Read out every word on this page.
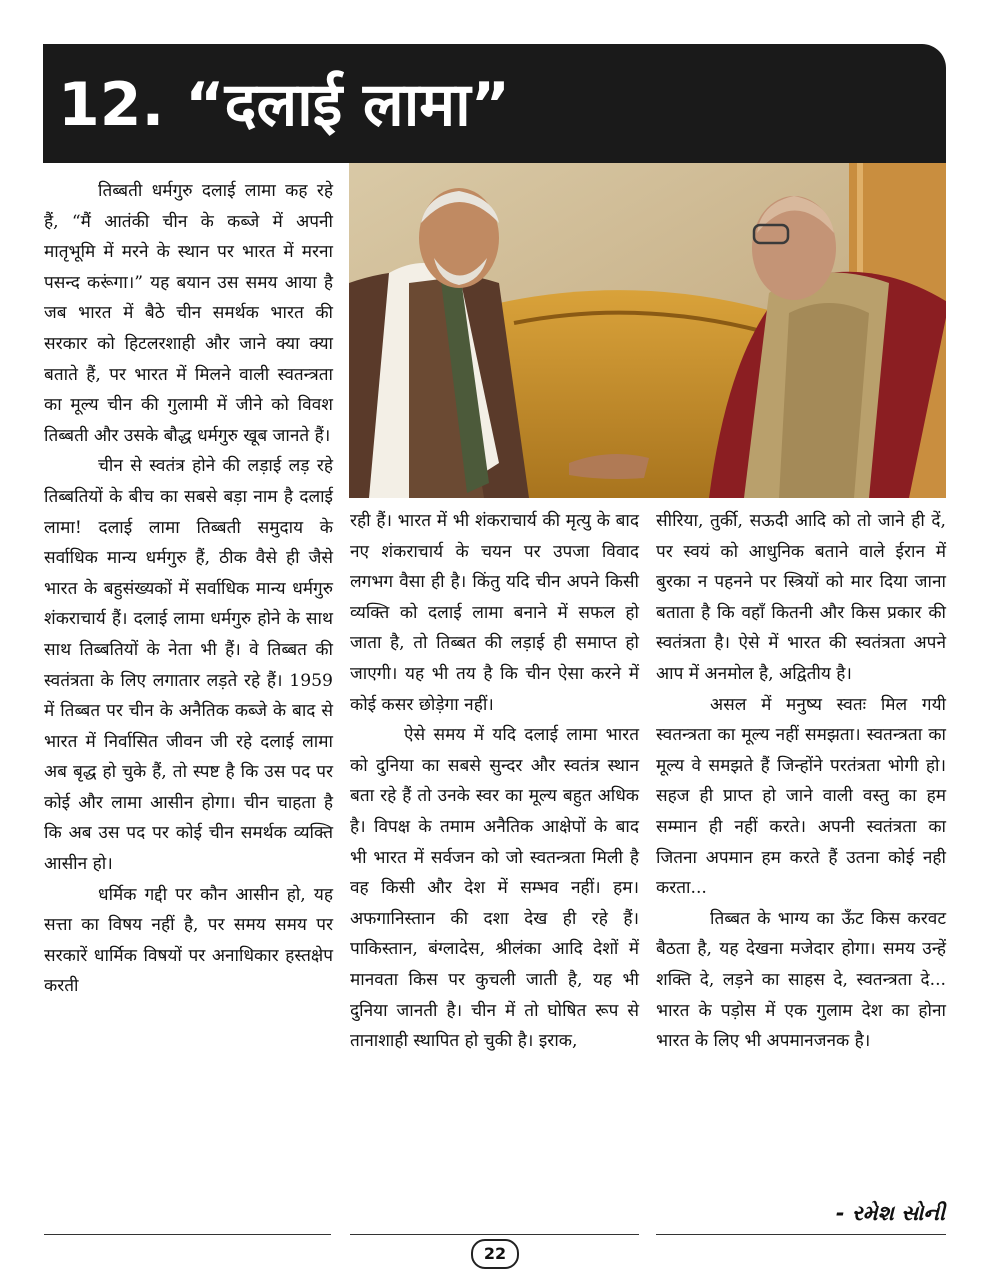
12. “दलाई लामा”

तिब्बती धर्मगुरु दलाई लामा कह रहे हैं, “मैं आतंकी चीन के कब्जे में अपनी मातृभूमि में मरने के स्थान पर भारत में मरना पसन्द करूंगा।” यह बयान उस समय आया है जब भारत में बैठे चीन समर्थक भारत की सरकार को हिटलरशाही और जाने क्या क्या बताते हैं, पर भारत में मिलने वाली स्वतन्त्रता का मूल्य चीन की गुलामी में जीने को विवश तिब्बती और उसके बौद्ध धर्मगुरु खूब जानते हैं।

चीन से स्वतंत्र होने की लड़ाई लड़ रहे तिब्बतियों के बीच का सबसे बड़ा नाम है दलाई लामा! दलाई लामा तिब्बती समुदाय के सर्वाधिक मान्य धर्मगुरु हैं, ठीक वैसे ही जैसे भारत के बहुसंख्यकों में सर्वाधिक मान्य धर्मगुरु शंकराचार्य हैं। दलाई लामा धर्मगुरु होने के साथ साथ तिब्बतियों के नेता भी हैं। वे तिब्बत की स्वतंत्रता के लिए लगातार लड़ते रहे हैं। 1959 में तिब्बत पर चीन के अनैतिक कब्जे के बाद से भारत में निर्वासित जीवन जी रहे दलाई लामा अब बृद्ध हो चुके हैं, तो स्पष्ट है कि उस पद पर कोई और लामा आसीन होगा। चीन चाहता है कि अब उस पद पर कोई चीन समर्थक व्यक्ति आसीन हो।

धर्मिक गद्दी पर कौन आसीन हो, यह सत्ता का विषय नहीं है, पर समय समय पर सरकारें धार्मिक विषयों पर अनाधिकार हस्तक्षेप करती

रही हैं। भारत में भी शंकराचार्य की मृत्यु के बाद नए शंकराचार्य के चयन पर उपजा विवाद लगभग वैसा ही है। किंतु यदि चीन अपने किसी व्यक्ति को दलाई लामा बनाने में सफल हो जाता है, तो तिब्बत की लड़ाई ही समाप्त हो जाएगी। यह भी तय है कि चीन ऐसा करने में कोई कसर छोड़ेगा नहीं।

ऐसे समय में यदि दलाई लामा भारत को दुनिया का सबसे सुन्दर और स्वतंत्र स्थान बता रहे हैं तो उनके स्वर का मूल्य बहुत अधिक है। विपक्ष के तमाम अनैतिक आक्षेपों के बाद भी भारत में सर्वजन को जो स्वतन्त्रता मिली है वह किसी और देश में सम्भव नहीं। हम।अफगानिस्तान की दशा देख ही रहे हैं। पाकिस्तान, बंग्लादेस, श्रीलंका आदि देशों में मानवता किस पर कुचली जाती है, यह भी दुनिया जानती है। चीन में तो घोषित रूप से तानाशाही स्थापित हो चुकी है। इराक,

सीरिया, तुर्की, सऊदी आदि को तो जाने ही दें, पर स्वयं को आधुनिक बताने वाले ईरान में बुरका न पहनने पर स्त्रियों को मार दिया जाना बताता है कि वहाँ कितनी और किस प्रकार की स्वतंत्रता है। ऐसे में भारत की स्वतंत्रता अपने आप में अनमोल है, अद्वितीय है।

असल में मनुष्य स्वतः मिल गयी स्वतन्त्रता का मूल्य नहीं समझता। स्वतन्त्रता का मूल्य वे समझते हैं जिन्होंने परतंत्रता भोगी हो। सहज ही प्राप्त हो जाने वाली वस्तु का हम सम्मान ही नहीं करते। अपनी स्वतंत्रता का जितना अपमान हम करते हैं उतना कोई नही करता...

तिब्बत के भाग्य का ऊँट किस करवट बैठता है, यह देखना मजेदार होगा। समय उन्हें शक्ति दे, लड़ने का साहस दे, स्वतन्त्रता दे... भारत के पड़ोस में एक गुलाम देश का होना भारत के लिए भी अपमानजनक है।

- રમેશ સોની
22
